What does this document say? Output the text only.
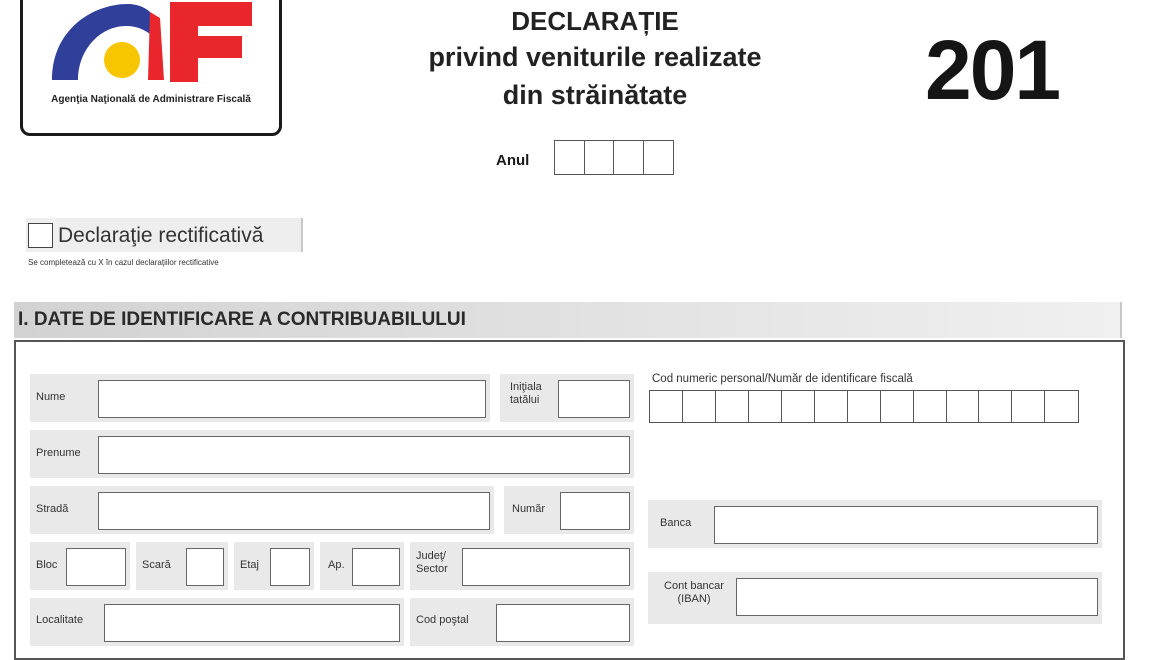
Agenţia Naţională de Administrare Fiscală
DECLARAȚIE
privind veniturile realizate
din străinătate	201
Anul
Declaraţie rectificativă
Se completează cu X în cazul declaraţiilor rectificative
I. DATE DE IDENTIFICARE A CONTRIBUABILULUI
Nume
Iniţiala tatălui
Cod numeric personal/Număr de identificare fiscală
Prenume
Stradă	Număr
Banca
Bloc	Scară	Etaj	Ap.
Judeţ/ Sector
Cont bancar (IBAN)
Localitate	Cod poştal
